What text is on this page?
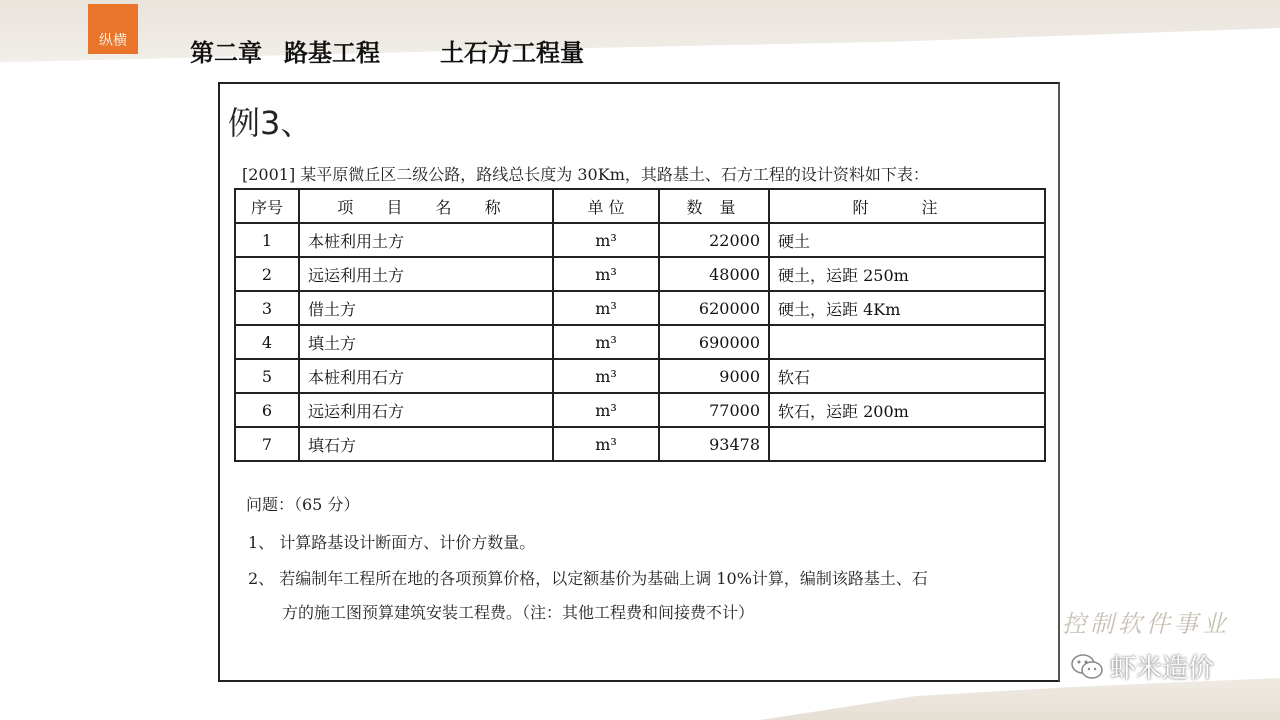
纵横	第二章 路基工程	土石方工程量
例3、
[2001] 某平原微丘区二级公路，路线总长度为 30Km，其路基土、石方工程的设计资料如下表：
序号	项 目 名 称	单 位	数 量	附 注
1	本桩利用土方	m³	22000	硬土
2	远运利用土方	m³	48000	硬土，运距 250m
3	借土方	m³	620000	硬土，运距 4Km
4	填土方	m³	690000	
5	本桩利用石方	m³	9000	软石
6	远运利用石方	m³	77000	软石，运距 200m
7	填石方	m³	93478	
问题：（65 分）
1、 计算路基设计断面方、计价方数量。
2、 若编制年工程所在地的各项预算价格，以定额基价为基础上调 10%计算，编制该路基土、石
方的施工图预算建筑安装工程费。（注：其他工程费和间接费不计）	控制软件事业
虾米造价
